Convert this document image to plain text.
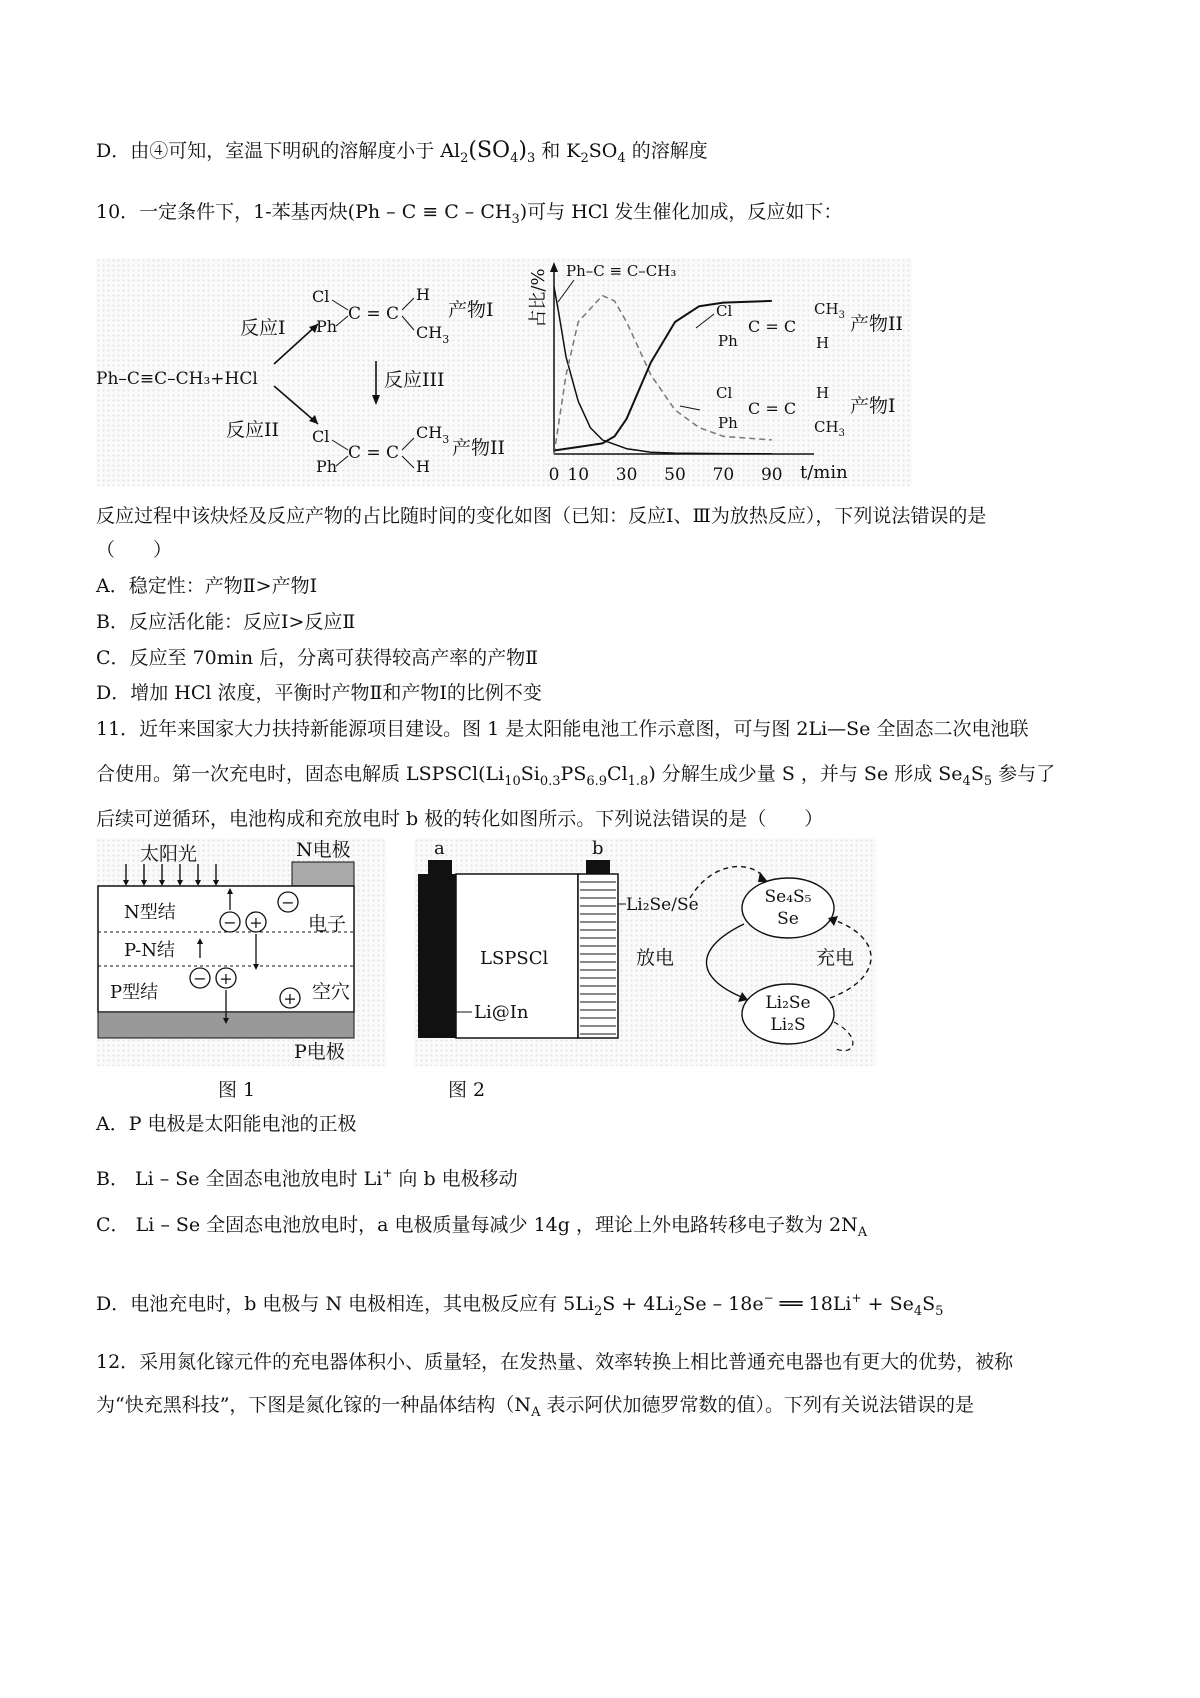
D．由④可知，室温下明矾的溶解度小于 $Al_2(SO_4)_3$ 和 $K_2SO_4$ 的溶解度
10．一定条件下，1-苯基丙炔$(Ph - C \equiv C - CH_3)$可与 HCl 发生催化加成，反应如下：
Ph–C≡C–CH₃+HCl
反应I
反应II
反应III
Cl
Ph
C = C
H
$CH_3$
产物I
Cl
Ph
C = C
$CH_3$
H
产物II
占比/%
t/min
Ph–C ≡ C–CH₃
0 10 30 50 70 90
Cl
Ph
C = C
$CH_3$
H
产物II
Cl
Ph
C = C
H
$CH_3$
产物I
反应过程中该炔烃及反应产物的占比随时间的变化如图（已知：反应Ⅰ、Ⅲ为放热反应），下列说法错误的是
（　　）
A．稳定性：产物Ⅱ>产物Ⅰ
B．反应活化能：反应Ⅰ>反应Ⅱ
C．反应至 70min 后，分离可获得较高产率的产物Ⅱ
D．增加 HCl 浓度，平衡时产物Ⅱ和产物Ⅰ的比例不变
11．近年来国家大力扶持新能源项目建设。图 1 是太阳能电池工作示意图，可与图 2Li—Se 全固态二次电池联
合使用。第一次充电时，固态电解质 $LSPSCl(Li_{10}Si_{0.3}PS_{6.9}Cl_{1.8})$ 分解生成少量 S ，并与 Se 形成 $Se_4S_5$ 参与了
后续可逆循环，电池构成和充放电时 b 极的转化如图所示。下列说法错误的是（　　）
太阳光	N电极
N型结
P-N结
P型结
电子
空穴
P电极
− +
−
− +
+
图 1
a	b
LSPSCl
Li@In
Li₂Se/Se
放电	充电
Se₄S₅
Se
Li₂Se
Li₂S
图 2
A．P 电极是太阳能电池的正极
B． Li – Se 全固态电池放电时 Li+ 向 b 电极移动
C． Li – Se 全固态电池放电时，a 电极质量每减少 14g ，理论上外电路转移电子数为 $2N_A$
D．电池充电时，b 电极与 N 电极相连，其电极反应有 $5Li_2S + 4Li_2Se - 18e^-$ ══ $18Li^+ + Se_4S_5$
12．采用氮化镓元件的充电器体积小、质量轻，在发热量、效率转换上相比普通充电器也有更大的优势，被称
为“快充黑科技”，下图是氮化镓的一种晶体结构（$N_A$ 表示阿伏加德罗常数的值）。下列有关说法错误的是
